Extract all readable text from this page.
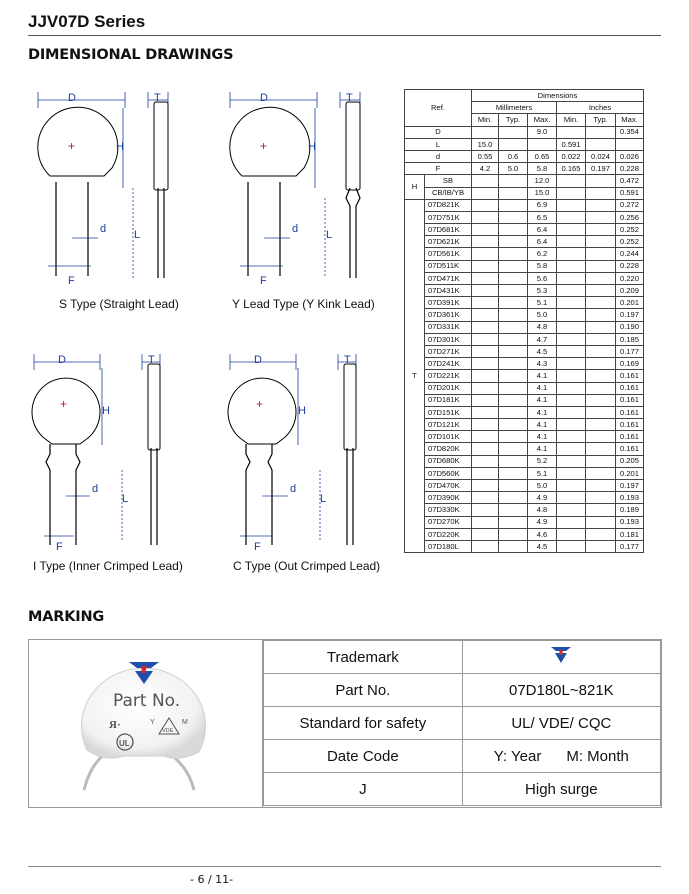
JJV07D Series
DIMENSIONAL DRAWINGS
D	T
H
L
d
F
+
S Type (Straight Lead)
D	T
H
L
d
F
+
Y Lead Type (Y Kink Lead)
D	T
H
L
d
F
+
I Type (Inner Crimped Lead)
D	T
H
L
d
F
+
C Type (Out Crimped Lead)
Ref.		Dimensions					
		Millimeters			Inches		
		Min.	Typ.	Max.	Min.	Typ.	Max.
D				9.0			0.354
L		15.0			0.591		
d		0.55	0.6	0.65	0.022	0.024	0.026
F		4.2	5.0	5.8	0.165	0.197	0.228
H	SB			12.0			0.472
	CB/IB/YB			15.0			0.591
T	07D821K			6.9			0.272
	07D751K			6.5			0.256
	07D681K			6.4			0.252
	07D621K			6.4			0.252
	07D561K			6.2			0.244
	07D511K			5.8			0.228
	07D471K			5.6			0.220
	07D431K			5.3			0.209
	07D391K			5.1			0.201
	07D361K			5.0			0.197
	07D331K			4.8			0.190
	07D301K			4.7			0.185
	07D271K			4.5			0.177
	07D241K			4.3			0.169
	07D221K			4.1			0.161
	07D201K			4.1			0.161
	07D181K			4.1			0.161
	07D151K			4.1			0.161
	07D121K			4.1			0.161
	07D101K			4.1			0.161
	07D820K			4.1			0.161
	07D680K			5.2			0.205
	07D560K			5.1			0.201
	07D470K			5.0			0.197
	07D390K			4.9			0.193
	07D330K			4.8			0.189
	07D270K			4.9			0.193
	07D220K			4.6			0.181
	07D180L			4.5			0.177
MARKING
Part No.
Я·
UL
VDE
Y	M
Trademark	
Part No.	07D180L~821K
Standard for safety	UL/ VDE/ CQC
Date Code	Y: Year      M: Month
J	High surge
- 6 / 11-
